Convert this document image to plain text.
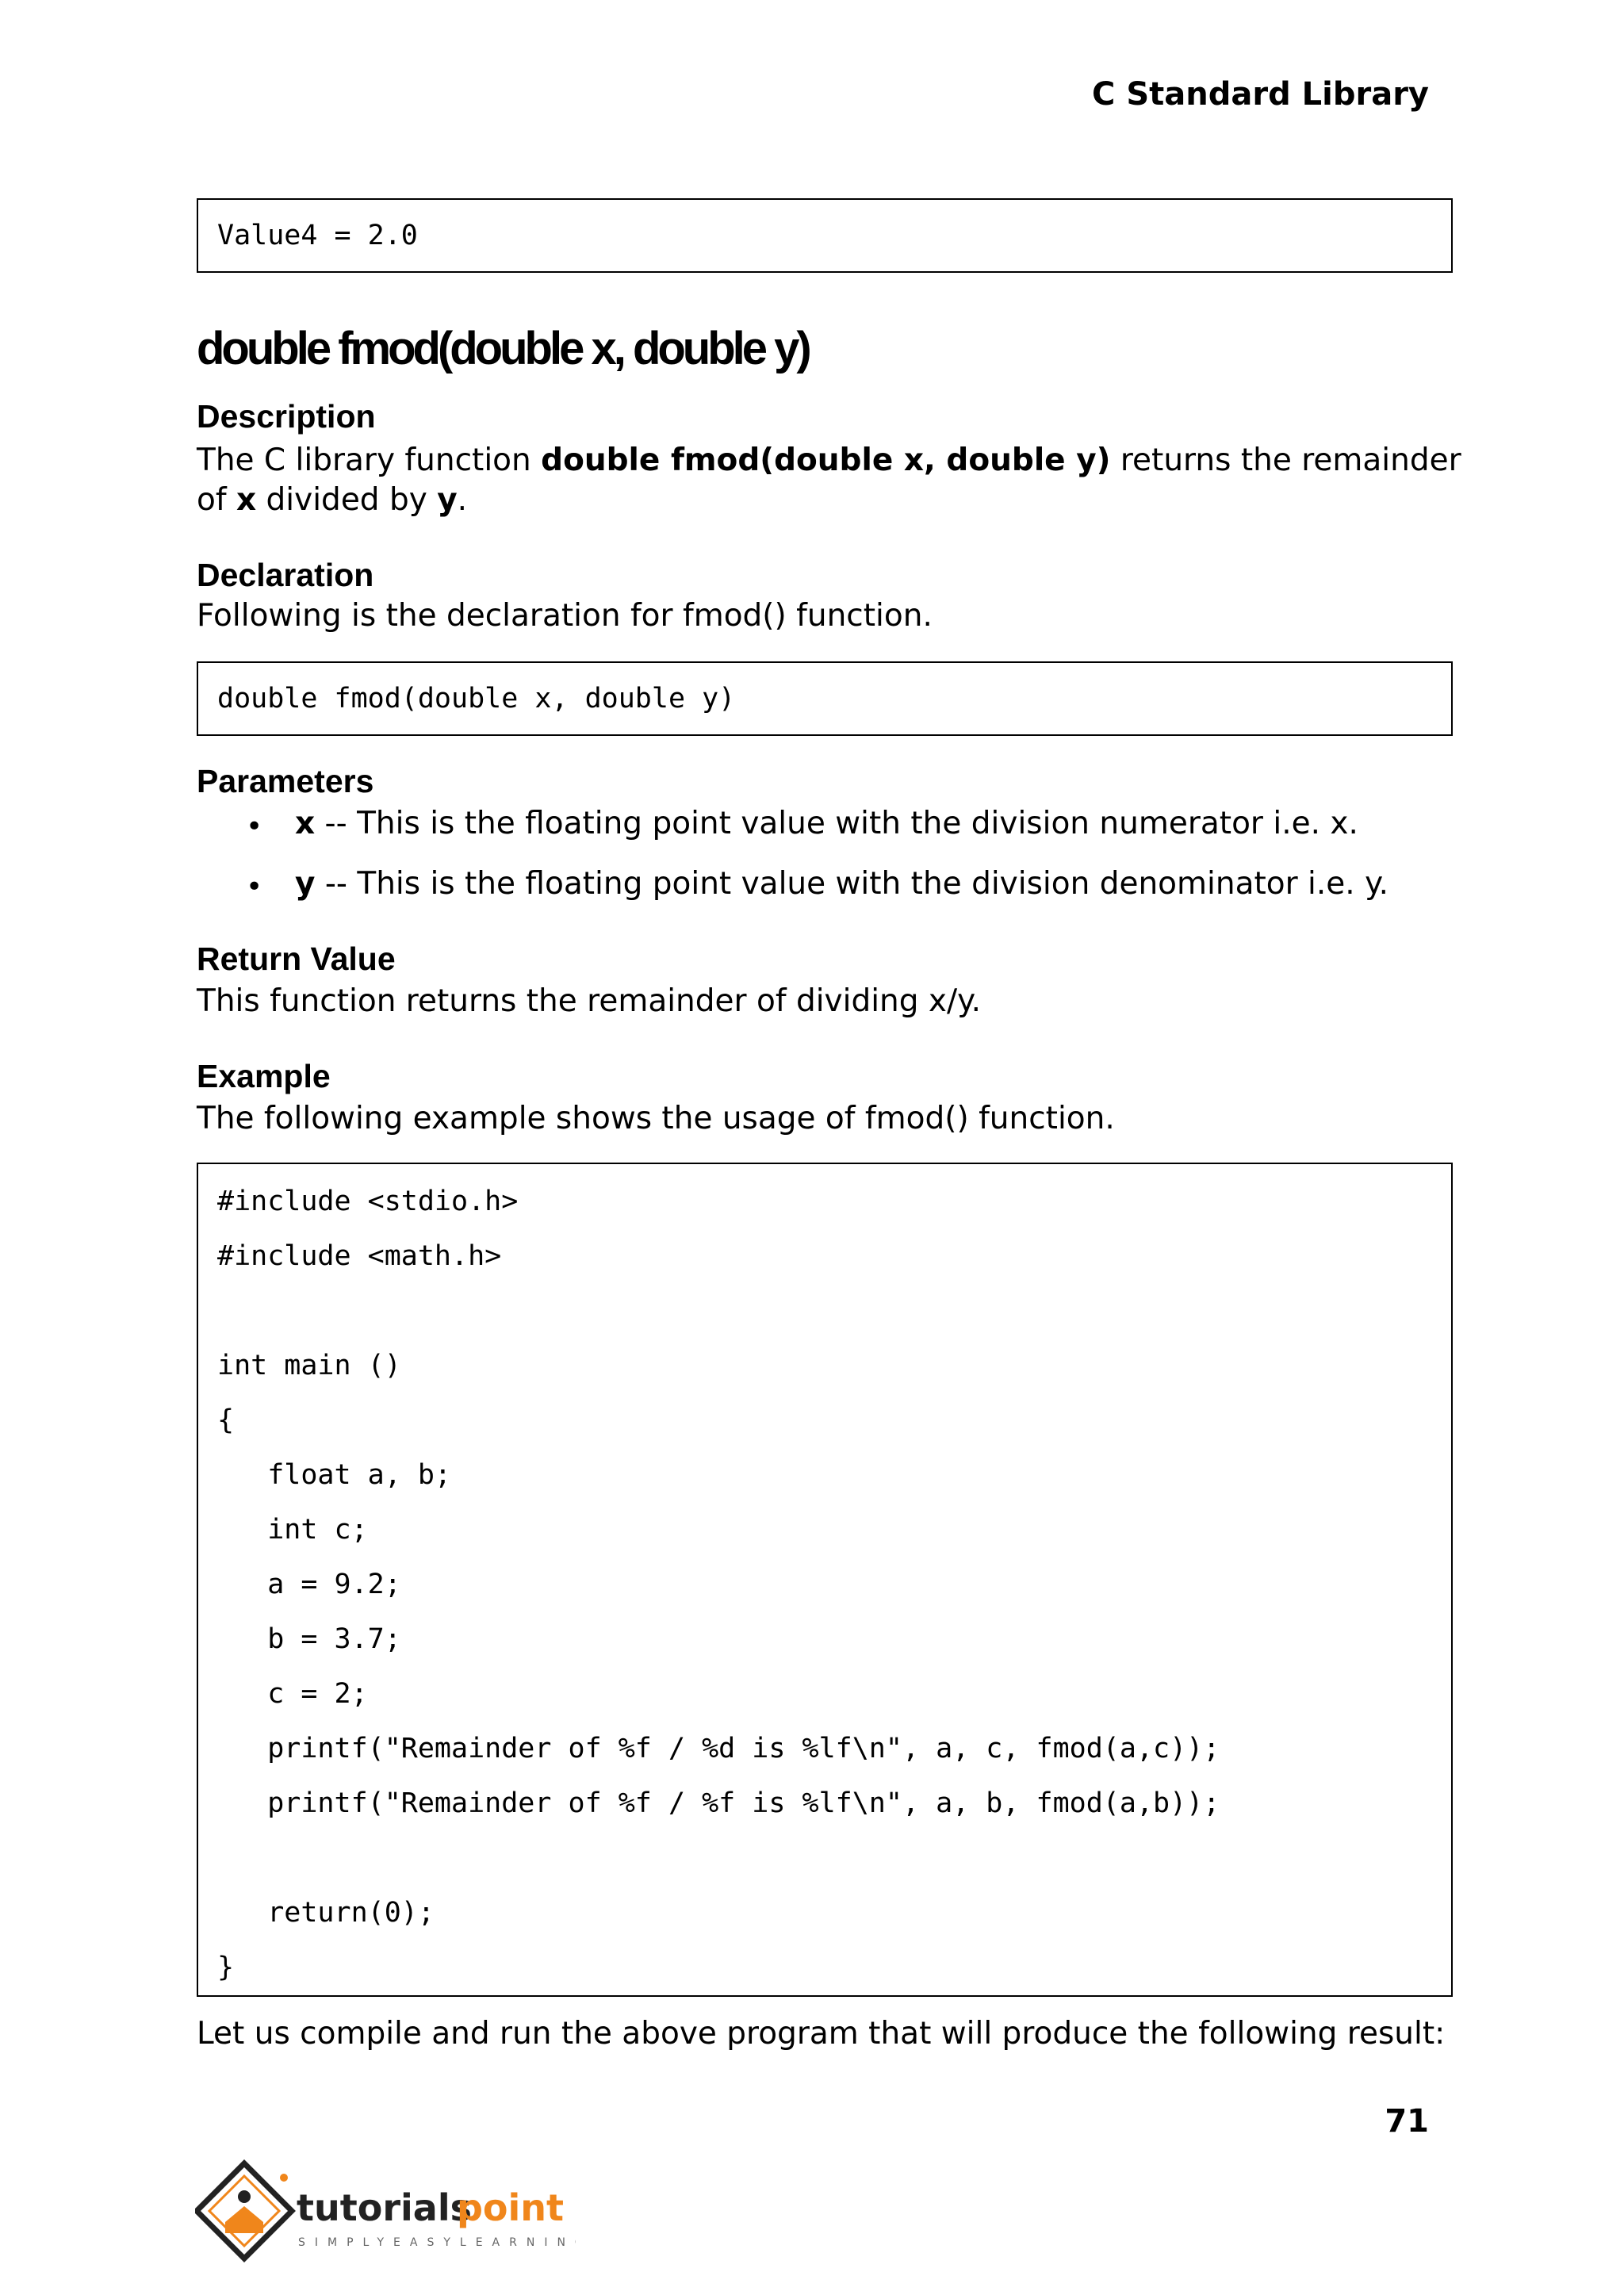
C Standard Library
Value4 = 2.0
double fmod(double x, double y)
Description
The C library function double fmod(double x, double y) returns the remainder
of x divided by y.
Declaration
Following is the declaration for fmod() function.
double fmod(double x, double y)
Parameters
• x -- This is the floating point value with the division numerator i.e. x.
• y -- This is the floating point value with the division denominator i.e. y.
Return Value
This function returns the remainder of dividing x/y.
Example
The following example shows the usage of fmod() function.
#include <stdio.h>
#include <math.h>
int main ()
{
float a, b;
int c;
a = 9.2;
b = 3.7;
c = 2;
printf("Remainder of %f / %d is %lf\n", a, c, fmod(a,c));
printf("Remainder of %f / %f is %lf\n", a, b, fmod(a,b));
return(0);
}
Let us compile and run the above program that will produce the following result:
71
tutorials
point
SIMPLYEASYLEARNING
